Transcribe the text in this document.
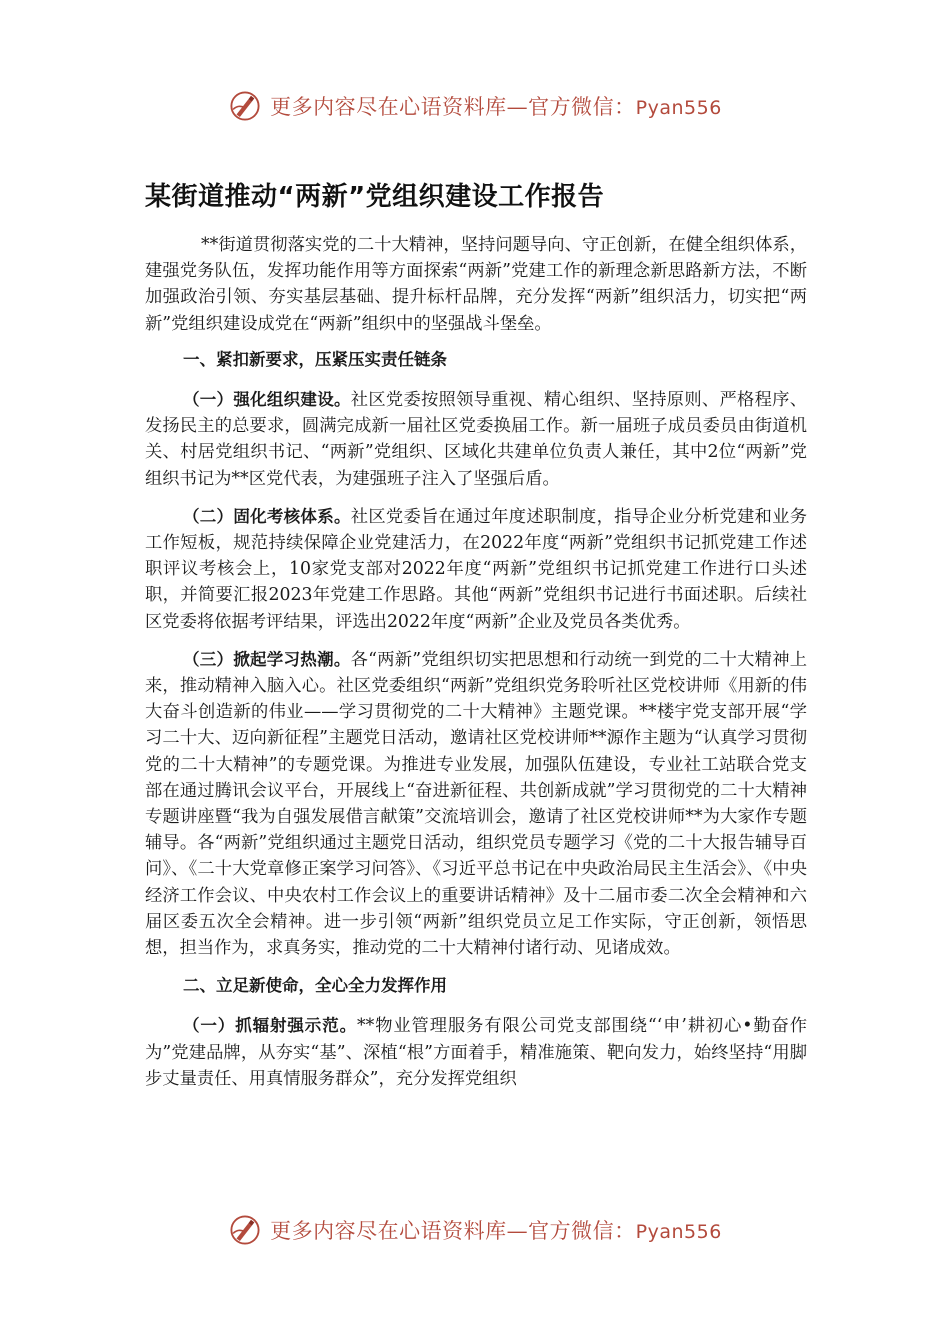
更多内容尽在心语资料库—官方微信：Pyan556
某街道推动“两新”党组织建设工作报告

**街道贯彻落实党的二十大精神，坚持问题导向、守正创新，在健全组织体系，建强党务队伍，发挥功能作用等方面探索“两新”党建工作的新理念新思路新方法，不断加强政治引领、夯实基层基础、提升标杆品牌，充分发挥“两新”组织活力，切实把“两新”党组织建设成党在“两新”组织中的坚强战斗堡垒。

一、紧扣新要求，压紧压实责任链条

（一）强化组织建设。社区党委按照领导重视、精心组织、坚持原则、严格程序、发扬民主的总要求，圆满完成新一届社区党委换届工作。新一届班子成员委员由街道机关、村居党组织书记、“两新”党组织、区域化共建单位负责人兼任，其中2位“两新”党组织书记为**区党代表，为建强班子注入了坚强后盾。

（二）固化考核体系。社区党委旨在通过年度述职制度，指导企业分析党建和业务工作短板，规范持续保障企业党建活力，在2022年度“两新”党组织书记抓党建工作述职评议考核会上，10家党支部对2022年度“两新”党组织书记抓党建工作进行口头述职，并简要汇报2023年党建工作思路。其他“两新”党组织书记进行书面述职。后续社区党委将依据考评结果，评选出2022年度“两新”企业及党员各类优秀。

（三）掀起学习热潮。各“两新”党组织切实把思想和行动统一到党的二十大精神上来，推动精神入脑入心。社区党委组织“两新”党组织党务聆听社区党校讲师《用新的伟大奋斗创造新的伟业——学习贯彻党的二十大精神》主题党课。**楼宇党支部开展“学习二十大、迈向新征程”主题党日活动，邀请社区党校讲师**源作主题为“认真学习贯彻党的二十大精神”的专题党课。为推进专业发展，加强队伍建设，专业社工站联合党支部在通过腾讯会议平台，开展线上“奋进新征程、共创新成就”学习贯彻党的二十大精神专题讲座暨“我为自强发展借言献策”交流培训会，邀请了社区党校讲师**为大家作专题辅导。各“两新”党组织通过主题党日活动，组织党员专题学习《党的二十大报告辅导百问》、《二十大党章修正案学习问答》、《习近平总书记在中央政治局民主生活会》、《中央经济工作会议、中央农村工作会议上的重要讲话精神》及十二届市委二次全会精神和六届区委五次全会精神。进一步引领“两新”组织党员立足工作实际，守正创新，领悟思想，担当作为，求真务实，推动党的二十大精神付诸行动、见诸成效。

二、立足新使命，全心全力发挥作用

（一）抓辐射强示范。**物业管理服务有限公司党支部围绕“‘申’耕初心•勤奋作为”党建品牌，从夯实“基”、深植“根”方面着手，精准施策、靶向发力，始终坚持“用脚步丈量责任、用真情服务群众”，充分发挥党组织

更多内容尽在心语资料库—官方微信：Pyan556
